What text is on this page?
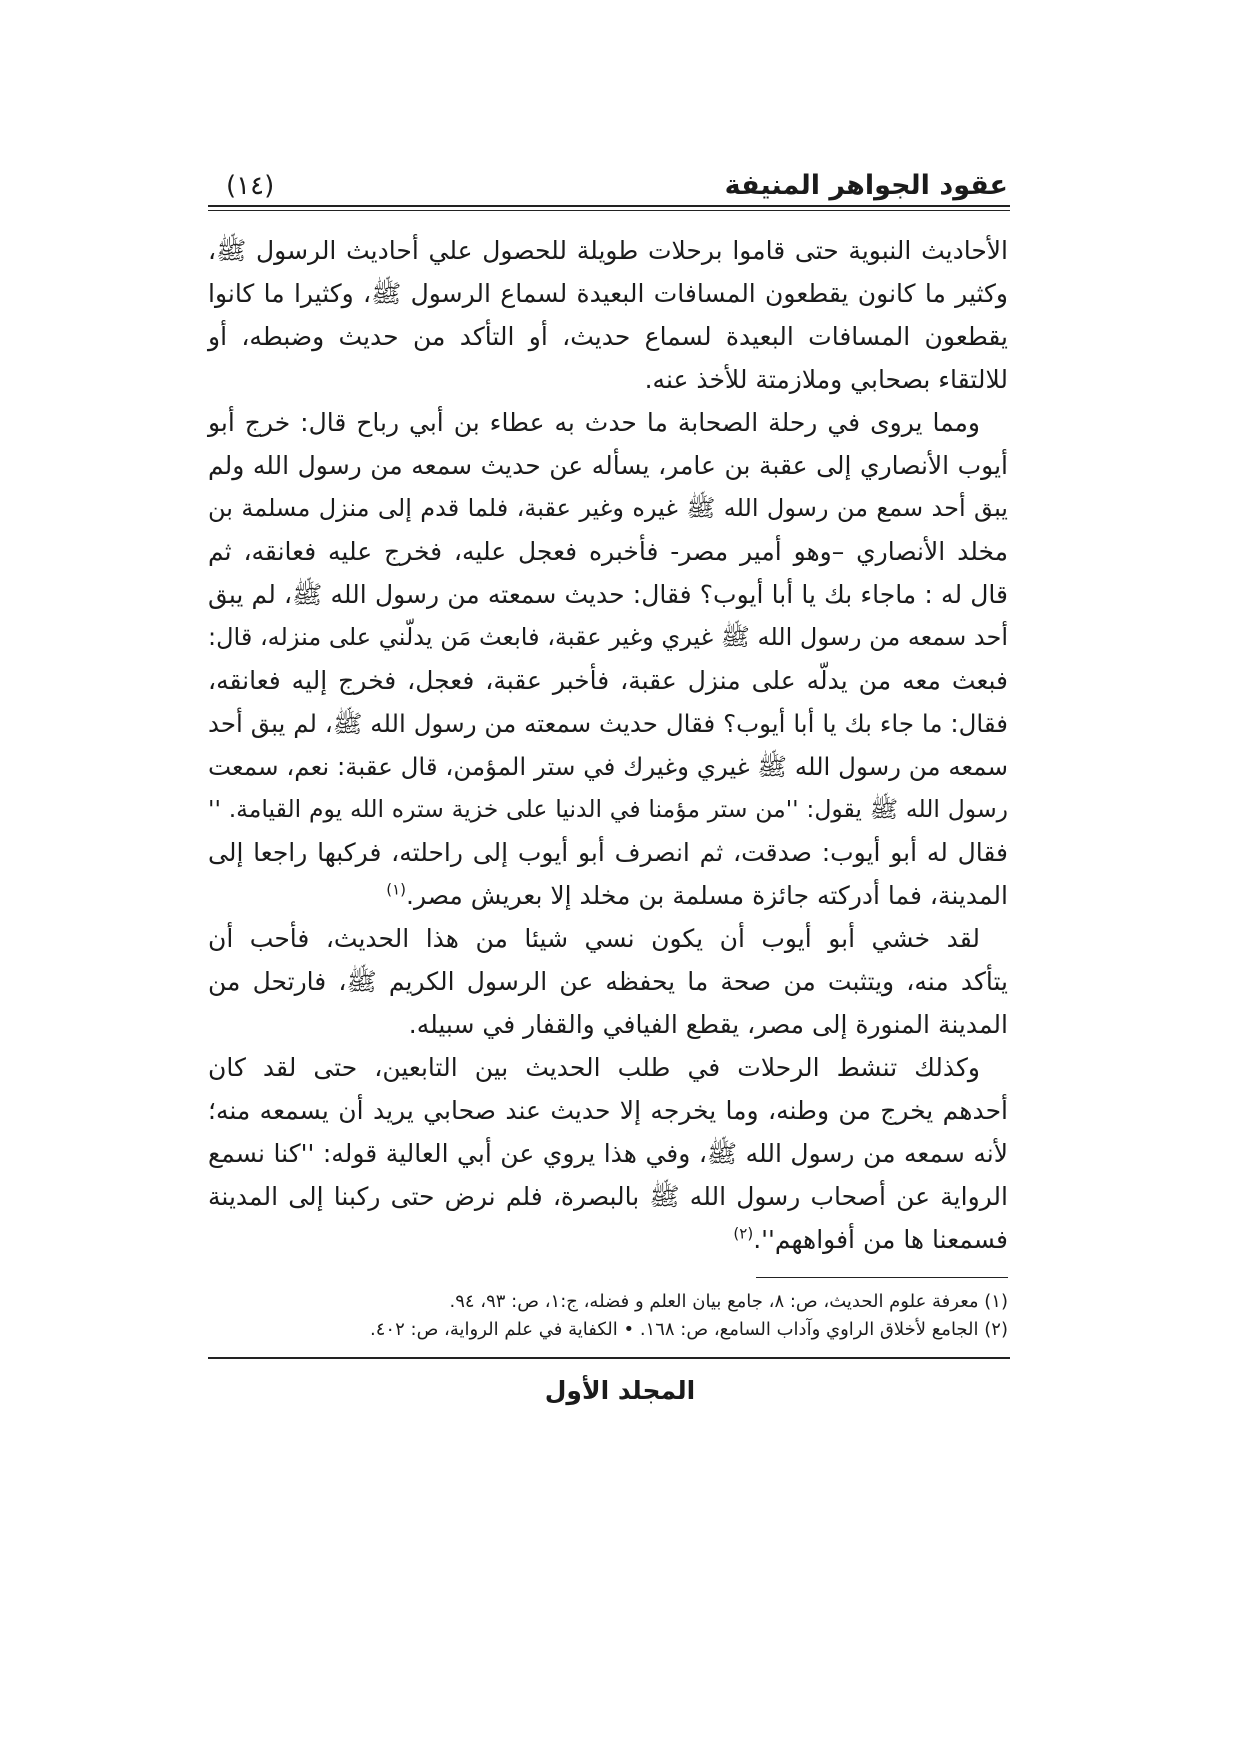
عقود الجواهر المنيفة
(١٤)
الأحاديث النبوية حتى قاموا برحلات طويلة للحصول علي أحاديث الرسول ﷺ،
وكثير ما كانون يقطعون المسافات البعيدة لسماع الرسول ﷺ، وكثيرا ما كانوا
يقطعون المسافات البعيدة لسماع حديث، أو التأكد من حديث وضبطه، أو
للالتقاء بصحابي وملازمتة للأخذ عنه.
ومما يروى في رحلة الصحابة ما حدث به عطاء بن أبي رباح قال: خرج أبو
أيوب الأنصاري إلى عقبة بن عامر، يسأله عن حديث سمعه من رسول الله ولم
يبق أحد سمع من رسول الله ﷺ غيره وغير عقبة، فلما قدم إلى منزل مسلمة بن
مخلد الأنصاري –وهو أمير مصر- فأخبره فعجل عليه، فخرج عليه فعانقه، ثم
قال له : ماجاء بك يا أبا أيوب؟ فقال: حديث سمعته من رسول الله ﷺ، لم يبق
أحد سمعه من رسول الله ﷺ غيري وغير عقبة، فابعث مَن يدلّني على منزله، قال:
فبعث معه من يدلّه على منزل عقبة، فأخبر عقبة، فعجل، فخرج إليه فعانقه،
فقال: ما جاء بك يا أبا أيوب؟ فقال حديث سمعته من رسول الله ﷺ، لم يبق أحد
سمعه من رسول الله ﷺ غيري وغيرك في ستر المؤمن، قال عقبة: نعم، سمعت
رسول الله ﷺ يقول: ''من ستر مؤمنا في الدنيا على خزية ستره الله يوم القيامة. ''
فقال له أبو أيوب: صدقت، ثم انصرف أبو أيوب إلى راحلته، فركبها راجعا إلى
المدينة، فما أدركته جائزة مسلمة بن مخلد إلا بعريش مصر.$^{(١)}$
لقد خشي أبو أيوب أن يكون نسي شيئا من هذا الحديث، فأحب أن
يتأكد منه، ويتثبت من صحة ما يحفظه عن الرسول الكريم ﷺ، فارتحل من
المدينة المنورة إلى مصر، يقطع الفيافي والقفار في سبيله.
وكذلك تنشط الرحلات في طلب الحديث بين التابعين، حتى لقد كان
أحدهم يخرج من وطنه، وما يخرجه إلا حديث عند صحابي يريد أن يسمعه منه؛
لأنه سمعه من رسول الله ﷺ، وفي هذا يروي عن أبي العالية قوله: ''كنا نسمع
الرواية عن أصحاب رسول الله ﷺ بالبصرة، فلم نرض حتى ركبنا إلى المدينة
فسمعنا ها من أفواههم''.$^{(٢)}$
(١) معرفة علوم الحديث، ص: ٨، جامع بيان العلم و فضله، ج:١، ص: ٩٣، ٩٤.
(٢) الجامع لأخلاق الراوي وآداب السامع، ص: ١٦٨. • الكفاية في علم الرواية، ص: ٤٠٢.
المجلد الأول
